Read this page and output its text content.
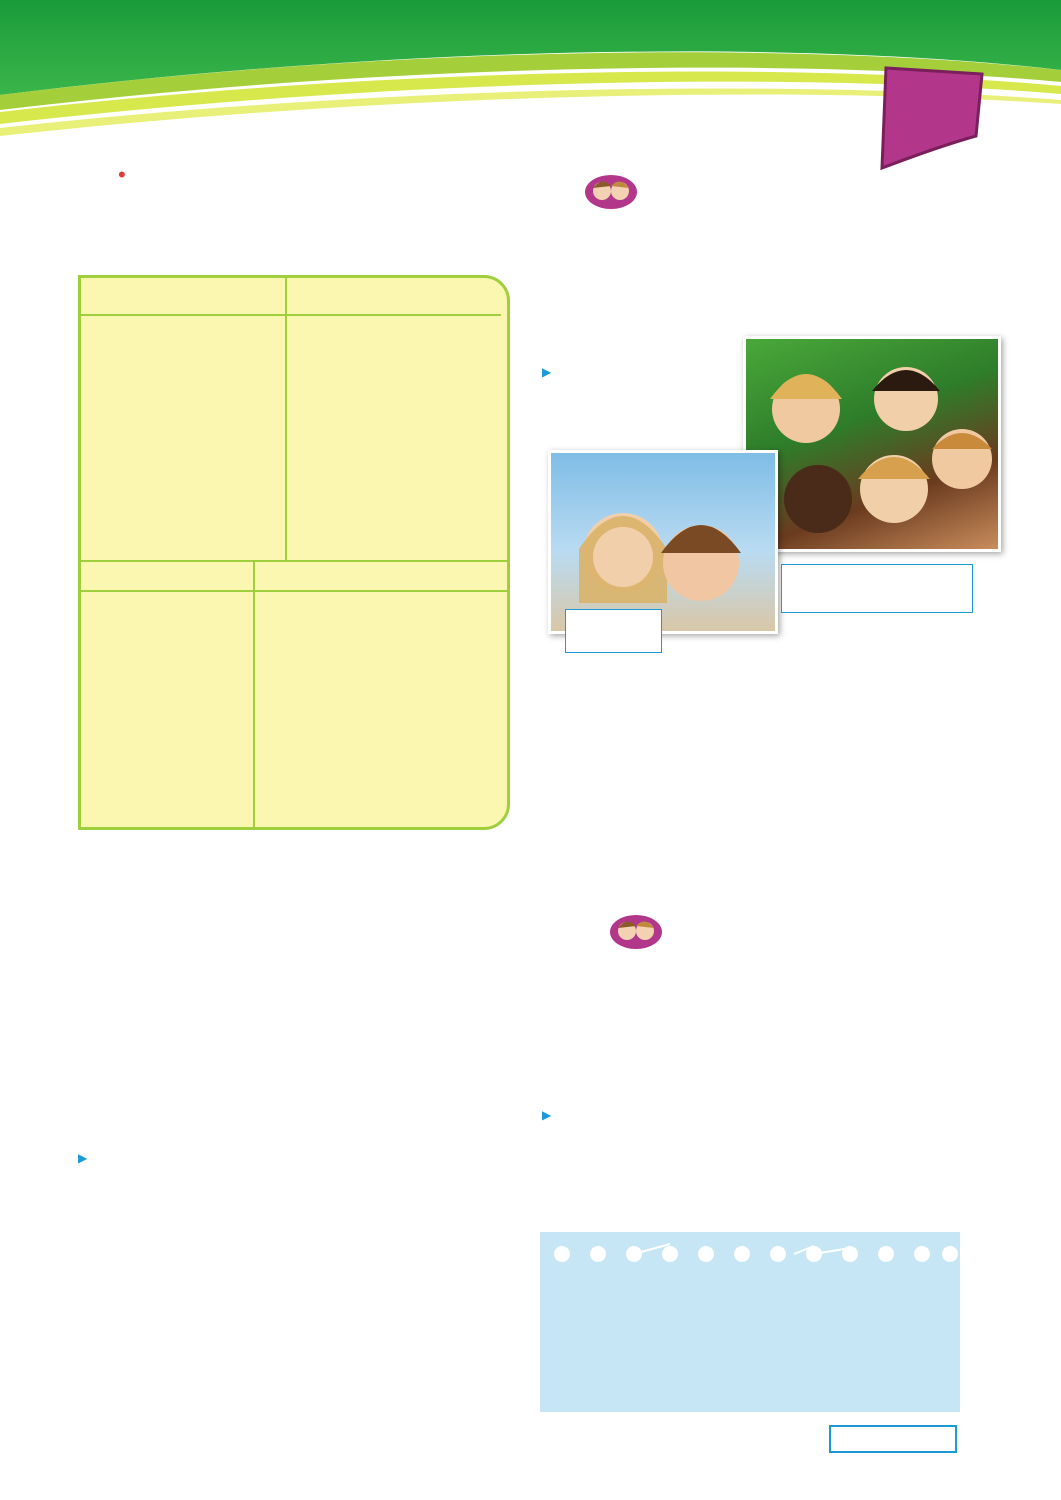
•
▶
▶
▶
